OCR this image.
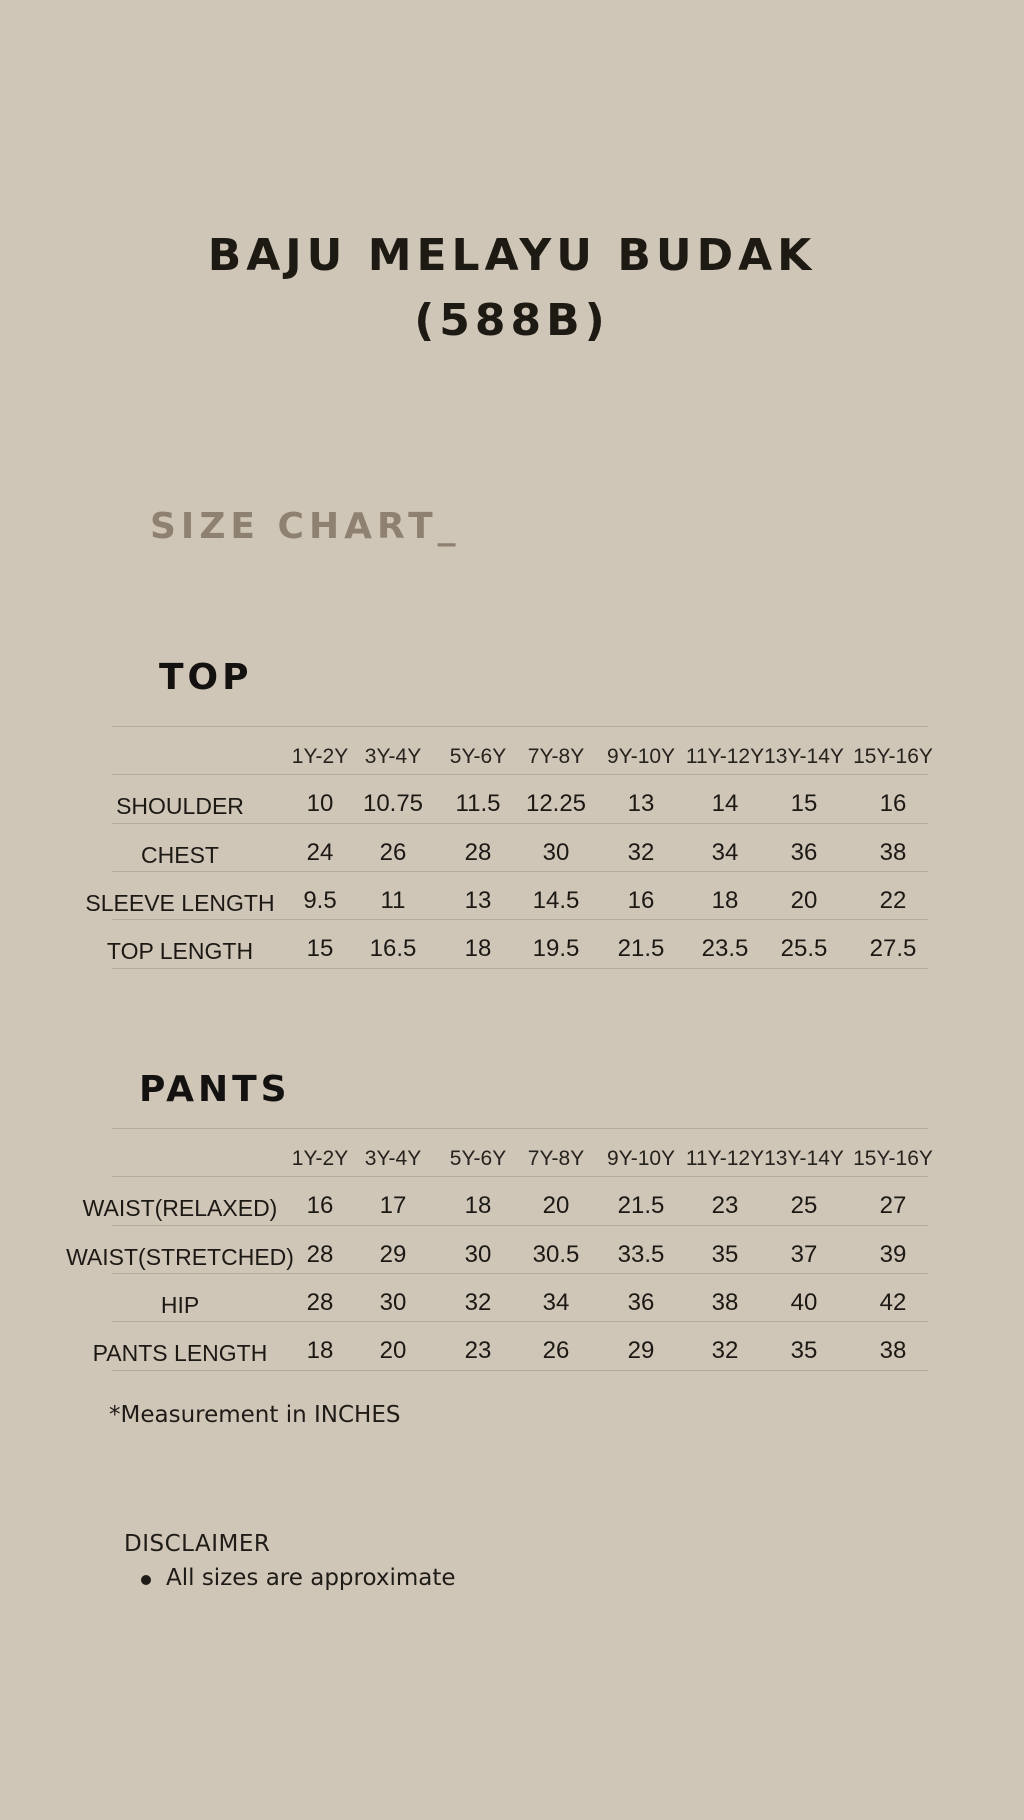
BAJU MELAYU BUDAK
(588B)
SIZE CHART_
TOP
1Y-2Y 3Y-4Y 5Y-6Y 7Y-8Y 9Y-10Y 11Y-12Y 13Y-14Y 15Y-16Y
SHOULDER	10 10.75 11.5 12.25 13 14 15	16
CHEST	24 26 28 30 32 34 36	38
SLEEVE LENGTH 9.5 11 13 14.5 16 18 20	22
TOP LENGTH 15 16.5 18 19.5 21.5 23.5 25.5 27.5
PANTS
1Y-2Y 3Y-4Y 5Y-6Y 7Y-8Y 9Y-10Y 11Y-12Y 13Y-14Y 15Y-16Y
WAIST(RELAXED) 16 17 18 20 21.5 23 25	27
WAIST(STRETCHED) 28 29 30 30.5 33.5 35 37	39
HIP	28 30 32 34 36 38 40	42
PANTS LENGTH 18 20 23 26 29 32 35	38
*Measurement in INCHES
DISCLAIMER
All sizes are approximate
